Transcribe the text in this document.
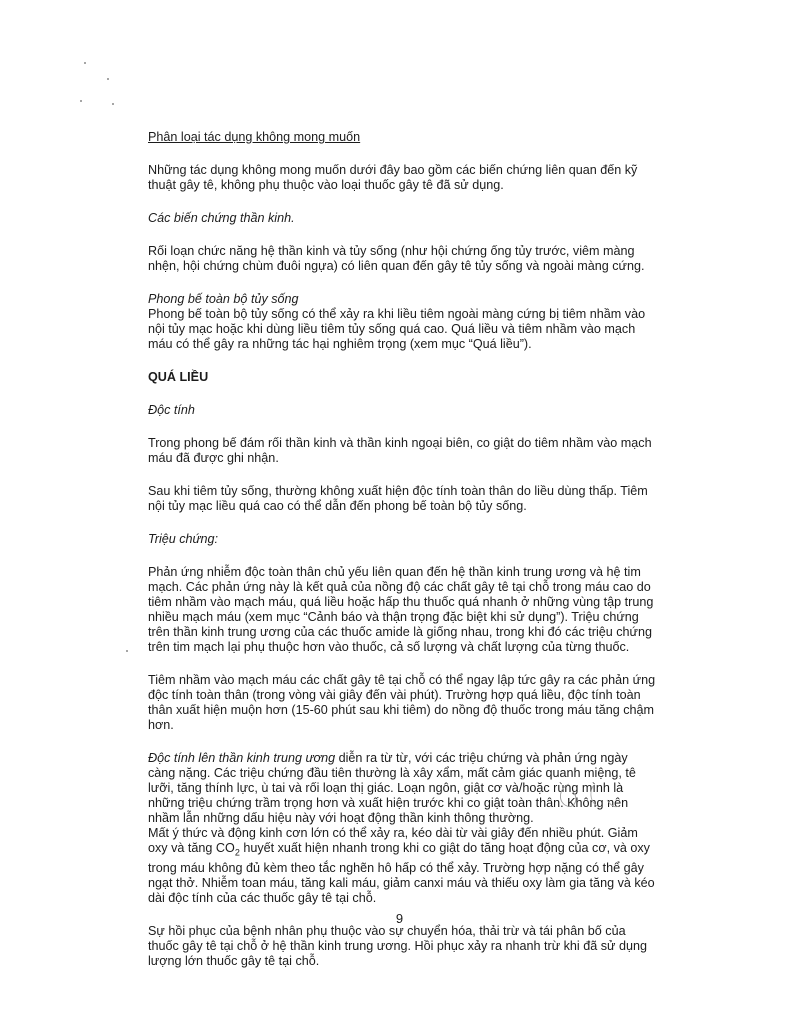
Phân loại tác dụng không mong muốn

Những tác dụng không mong muốn dưới đây bao gồm các biến chứng liên quan đến kỹ thuật gây tê, không phụ thuộc vào loại thuốc gây tê đã sử dụng.

Các biến chứng thần kinh.

Rối loạn chức năng hệ thần kinh và tủy sống (như hội chứng ống tủy trước, viêm màng nhện, hội chứng chùm đuôi ngựa) có liên quan đến gây tê tủy sống và ngoài màng cứng.

Phong bế toàn bộ tủy sống

Phong bế toàn bộ tủy sống có thể xảy ra khi liều tiêm ngoài màng cứng bị tiêm nhầm vào nội tủy mạc hoặc khi dùng liều tiêm tủy sống quá cao. Quá liều và tiêm nhầm vào mạch máu có thể gây ra những tác hại nghiêm trọng (xem mục “Quá liều”).

QUÁ LIỀU

Độc tính

Trong phong bế đám rối thần kinh và thần kinh ngoại biên, co giật do tiêm nhầm vào mạch máu đã được ghi nhận.

Sau khi tiêm tủy sống, thường không xuất hiện độc tính toàn thân do liều dùng thấp. Tiêm nội tủy mạc liều quá cao có thể dẫn đến phong bế toàn bộ tủy sống.

Triệu chứng:

Phản ứng nhiễm độc toàn thân chủ yếu liên quan đến hệ thần kinh trung ương và hệ tim mạch. Các phản ứng này là kết quả của nồng độ các chất gây tê tại chỗ trong máu cao do tiêm nhầm vào mạch máu, quá liều hoặc hấp thu thuốc quá nhanh ở những vùng tập trung nhiều mạch máu (xem mục “Cảnh báo và thận trọng đặc biệt khi sử dụng”). Triệu chứng trên thần kinh trung ương của các thuốc amide là giống nhau, trong khi đó các triệu chứng trên tim mạch lại phụ thuộc hơn vào thuốc, cả số lượng và chất lượng của từng thuốc.

Tiêm nhầm vào mạch máu các chất gây tê tại chỗ có thể ngay lập tức gây ra các phản ứng độc tính toàn thân (trong vòng vài giây đến vài phút). Trường hợp quá liều, độc tính toàn thân xuất hiện muộn hơn (15-60 phút sau khi tiêm) do nồng độ thuốc trong máu tăng chậm hơn.

Độc tính lên thần kinh trung ương diễn ra từ từ, với các triệu chứng và phản ứng ngày càng nặng. Các triệu chứng đầu tiên thường là xây xẩm, mất cảm giác quanh miệng, tê lưỡi, tăng thính lực, ù tai và rối loạn thị giác. Loạn ngôn, giật cơ và/hoặc rùng mình là những triệu chứng trầm trọng hơn và xuất hiện trước khi co giật toàn thân. Không nên nhầm lẫn những dấu hiệu này với hoạt động thần kinh thông thường.

Mất ý thức và động kinh cơn lớn có thể xảy ra, kéo dài từ vài giây đến nhiều phút. Giảm oxy và tăng $CO_2$ huyết xuất hiện nhanh trong khi co giật do tăng hoạt động của cơ, và oxy trong máu không đủ kèm theo tắc nghẽn hô hấp có thể xảy. Trường hợp nặng có thể gây ngạt thở. Nhiễm toan máu, tăng kali máu, giảm canxi máu và thiếu oxy làm gia tăng và kéo dài độc tính của các thuốc gây tê tại chỗ.

Sự hồi phục của bệnh nhân phụ thuộc vào sự chuyển hóa, thải trừ và tái phân bố của thuốc gây tê tại chỗ ở hệ thần kinh trung ương. Hồi phục xảy ra nhanh trừ khi đã sử dụng lượng lớn thuốc gây tê tại chỗ.

9
